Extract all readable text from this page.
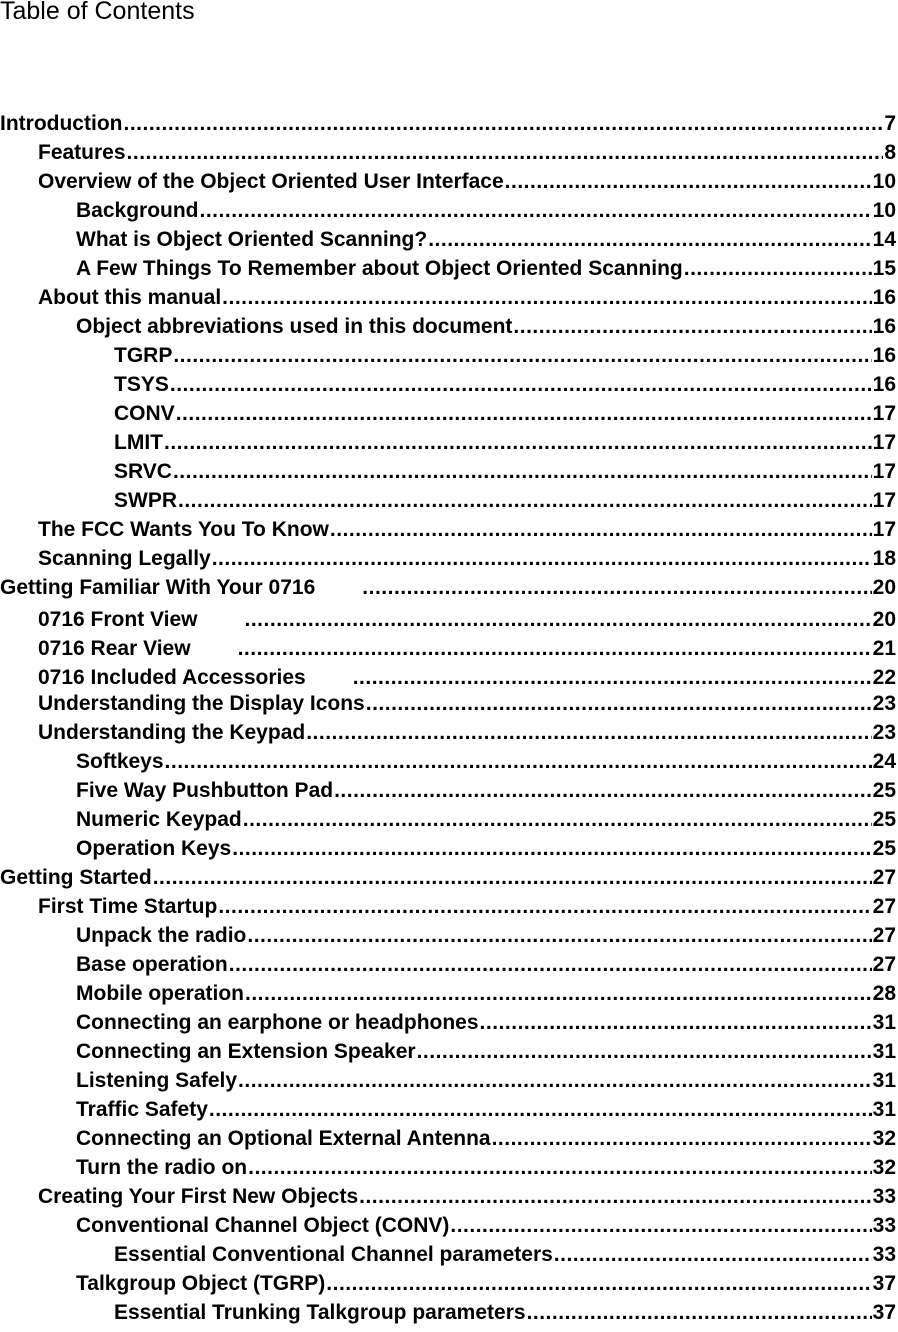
Table of Contents
Introduction .....	7
Features .....	8
Overview of the Object Oriented User Interface .....	10
Background .....	10
What is Object Oriented Scanning? .....	14
A Few Things To Remember about Object Oriented Scanning .....	15
About this manual .....	16
Object abbreviations used in this document .....	16
TGRP .....	16
TSYS .....	16
CONV .....	17
LMIT .....	17
SRVC .....	17
SWPR .....	17
The FCC Wants You To Know .....	17
Scanning Legally .....	18
Getting Familiar With Your 0716 .....	20
0716 Front View .....	20
0716 Rear View .....	21
0716 Included Accessories .....	22
Understanding the Display Icons .....	23
Understanding the Keypad .....	23
Softkeys .....	24
Five Way Pushbutton Pad .....	25
Numeric Keypad .....	25
Operation Keys .....	25
Getting Started .....	27
First Time Startup .....	27
Unpack the radio .....	27
Base operation .....	27
Mobile operation .....	28
Connecting an earphone or headphones .....	31
Connecting an Extension Speaker .....	31
Listening Safely .....	31
Traffic Safety .....	31
Connecting an Optional External Antenna .....	32
Turn the radio on .....	32
Creating Your First New Objects .....	33
Conventional Channel Object (CONV) .....	33
Essential Conventional Channel parameters .....	33
Talkgroup Object (TGRP) .....	37
Essential Trunking Talkgroup parameters .....	37
